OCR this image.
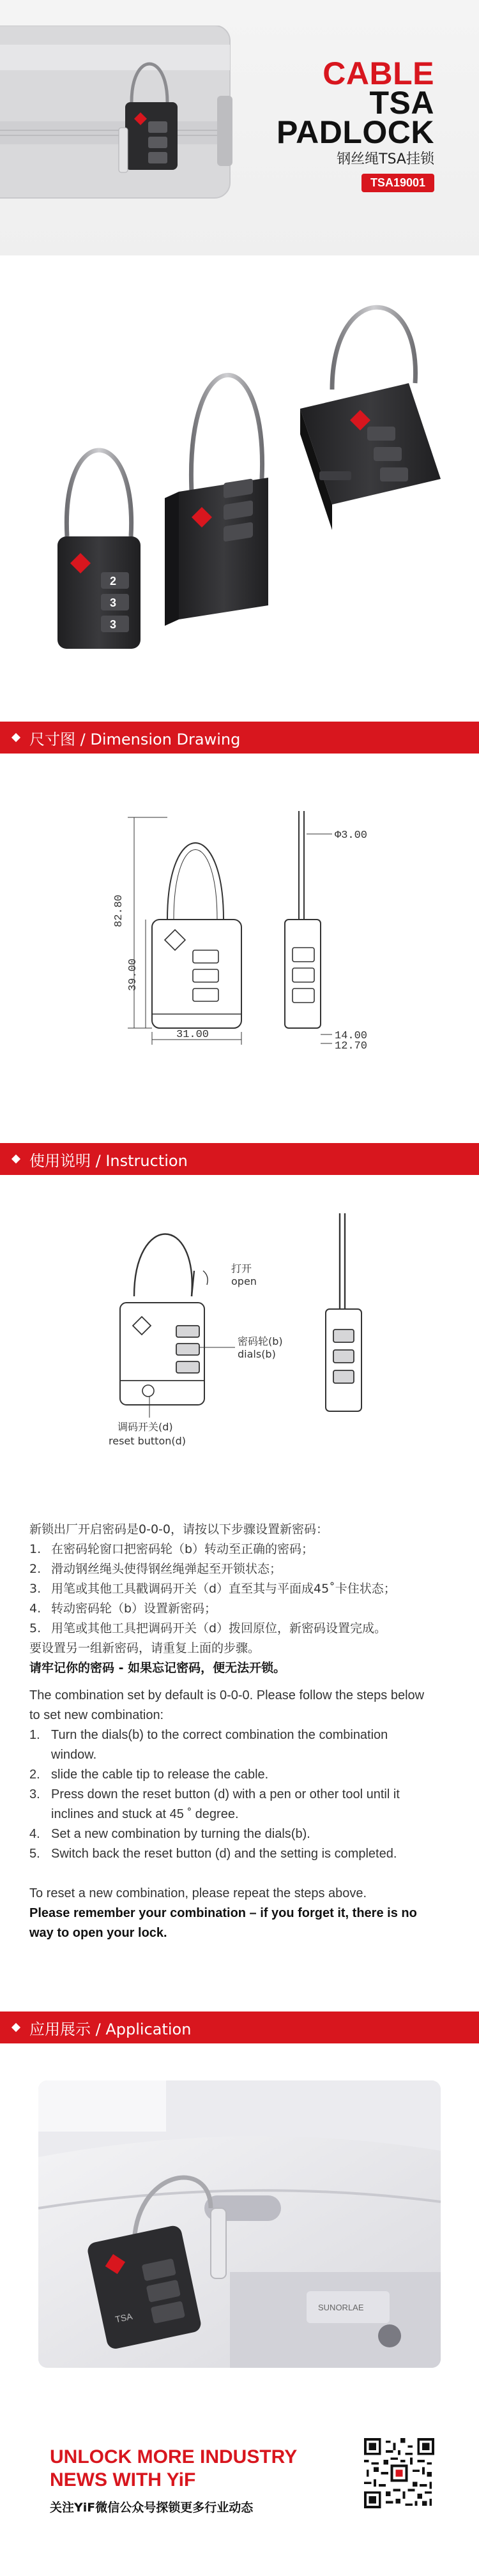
CABLE
TSA
PADLOCK
钢丝绳TSA挂锁
TSA19001
2
3
3
尺寸图 / Dimension Drawing
82.80
39.00
31.00
Φ3.00
14.00
12.70
使用说明 / Instruction
打开
open
密码轮(b)
dials(b)
调码开关(d)
reset button(d)

新锁出厂开启密码是0-0-0，请按以下步骤设置新密码：

1. 在密码轮窗口把密码轮（b）转动至正确的密码；
2. 滑动钢丝绳头使得钢丝绳弹起至开锁状态；
3. 用笔或其他工具戳调码开关（d）直至其与平面成45˚卡住状态；
4. 转动密码轮（b）设置新密码；
5. 用笔或其他工具把调码开关（d）拨回原位，新密码设置完成。

要设置另一组新密码，请重复上面的步骤。

请牢记你的密码 - 如果忘记密码，便无法开锁。

The combination set by default is 0-0-0. Please follow the steps below
to set new combination:

1. Turn the dials(b) to the correct combination the combination
window.
2. slide the cable tip to release the cable.
3. Press down the reset button (d) with a pen or other tool until it
inclines and stuck at 45 ˚ degree.
4. Set a new combination by turning the dials(b).
5. Switch back the reset button (d) and the setting is completed.

To reset a new combination, please repeat the steps above.

Please remember your combination – if you forget it, there is no
way to open your lock.

应用展示 / Application
SUNORLAE
TSA
UNLOCK MORE INDUSTRY
NEWS WITH YiF
关注YiF微信公众号探锁更多行业动态
